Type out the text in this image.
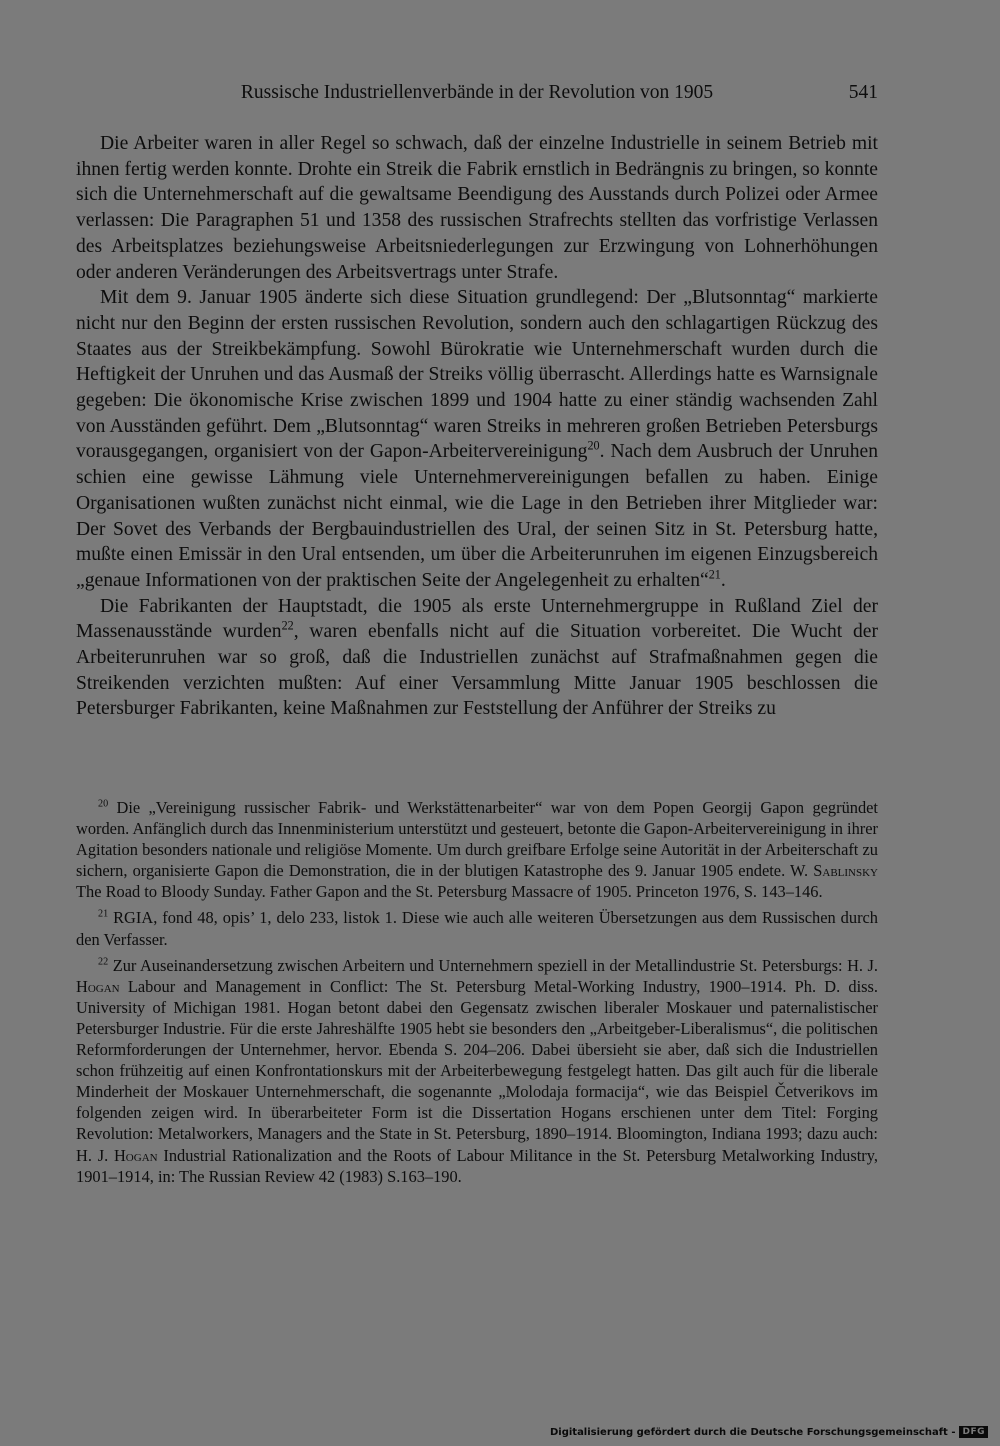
Russische Industriellenverbände in der Revolution von 1905	541

Die Arbeiter waren in aller Regel so schwach, daß der einzelne Industrielle in seinem Betrieb mit ihnen fertig werden konnte. Drohte ein Streik die Fabrik ernstlich in Bedrängnis zu bringen, so konnte sich die Unternehmerschaft auf die gewaltsame Beendigung des Ausstands durch Polizei oder Armee verlassen: Die Paragraphen 51 und 1358 des russischen Strafrechts stellten das vorfristige Verlassen des Arbeitsplatzes beziehungsweise Arbeitsniederlegungen zur Erzwingung von Lohnerhöhungen oder anderen Veränderungen des Arbeitsvertrags unter Strafe.

Mit dem 9. Januar 1905 änderte sich diese Situation grundlegend: Der „Blutsonntag“ markierte nicht nur den Beginn der ersten russischen Revolution, sondern auch den schlagartigen Rückzug des Staates aus der Streikbekämpfung. Sowohl Bürokratie wie Unternehmerschaft wurden durch die Heftigkeit der Unruhen und das Ausmaß der Streiks völlig überrascht. Allerdings hatte es Warnsignale gegeben: Die ökonomische Krise zwischen 1899 und 1904 hatte zu einer ständig wachsenden Zahl von Ausständen geführt. Dem „Blutsonntag“ waren Streiks in mehreren großen Betrieben Petersburgs vorausgegangen, organisiert von der Gapon-Arbeitervereinigung$^{20}$. Nach dem Ausbruch der Unruhen schien eine gewisse Lähmung viele Unternehmervereinigungen befallen zu haben. Einige Organisationen wußten zunächst nicht einmal, wie die Lage in den Betrieben ihrer Mitglieder war: Der Sovet des Verbands der Bergbauindustriellen des Ural, der seinen Sitz in St. Petersburg hatte, mußte einen Emissär in den Ural entsenden, um über die Arbeiterunruhen im eigenen Einzugsbereich „genaue Informationen von der praktischen Seite der Angelegenheit zu erhalten“$^{21}$.

Die Fabrikanten der Hauptstadt, die 1905 als erste Unternehmergruppe in Rußland Ziel der Massenausstände wurden$^{22}$, waren ebenfalls nicht auf die Situation vorbereitet. Die Wucht der Arbeiterunruhen war so groß, daß die Industriellen zunächst auf Strafmaßnahmen gegen die Streikenden verzichten mußten: Auf einer Versammlung Mitte Januar 1905 beschlossen die Petersburger Fabrikanten, keine Maßnahmen zur Feststellung der Anführer der Streiks zu

$^{20}$ Die „Vereinigung russischer Fabrik- und Werkstättenarbeiter“ war von dem Popen Georgij Gapon gegründet worden. Anfänglich durch das Innenministerium unterstützt und gesteuert, betonte die Gapon-Arbeitervereinigung in ihrer Agitation besonders nationale und religiöse Momente. Um durch greifbare Erfolge seine Autorität in der Arbeiterschaft zu sichern, organisierte Gapon die Demonstration, die in der blutigen Katastrophe des 9. Januar 1905 endete. W. Sablinsky The Road to Bloody Sunday. Father Gapon and the St. Petersburg Massacre of 1905. Princeton 1976, S. 143–146.

$^{21}$ RGIA, fond 48, opis’ 1, delo 233, listok 1. Diese wie auch alle weiteren Übersetzungen aus dem Russischen durch den Verfasser.

$^{22}$ Zur Auseinandersetzung zwischen Arbeitern und Unternehmern speziell in der Metallindustrie St. Petersburgs: H. J. Hogan Labour and Management in Conflict: The St. Petersburg Metal-Working Industry, 1900–1914. Ph. D. diss. University of Michigan 1981. Hogan betont dabei den Gegensatz zwischen liberaler Moskauer und paternalistischer Petersburger Industrie. Für die erste Jahreshälfte 1905 hebt sie besonders den „Arbeitgeber-Liberalismus“, die politischen Reformforderungen der Unternehmer, hervor. Ebenda S. 204–206. Dabei übersieht sie aber, daß sich die Industriellen schon frühzeitig auf einen Konfrontationskurs mit der Arbeiterbewegung festgelegt hatten. Das gilt auch für die liberale Minderheit der Moskauer Unternehmerschaft, die sogenannte „Molodaja formacija“, wie das Beispiel Četverikovs im folgenden zeigen wird. In überarbeiteter Form ist die Dissertation Hogans erschienen unter dem Titel: Forging Revolution: Metalworkers, Managers and the State in St. Petersburg, 1890–1914. Bloomington, Indiana 1993; dazu auch: H. J. Hogan Industrial Rationalization and the Roots of Labour Militance in the St. Petersburg Metalworking Industry, 1901–1914, in: The Russian Review 42 (1983) S.163–190.

Digitalisierung gefördert durch die Deutsche Forschungsgemeinschaft - DFG
